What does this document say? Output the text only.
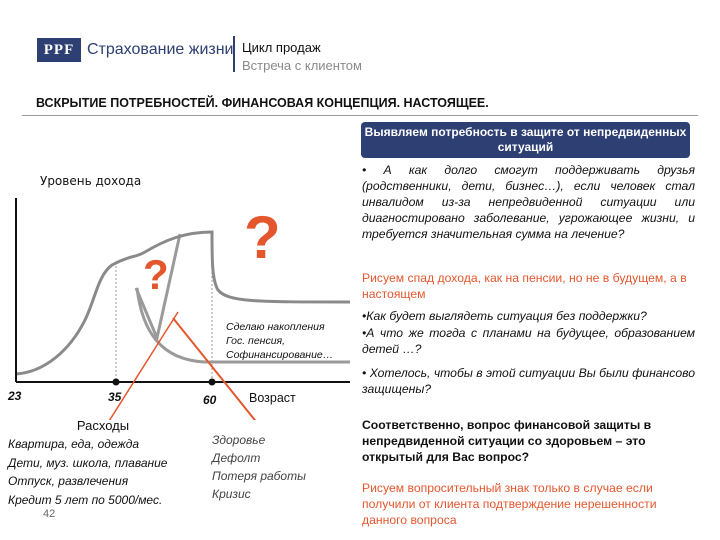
PPF Страхование жизни Цикл продаж
Встреча с клиентом
ВСКРЫТИЕ ПОТРЕБНОСТЕЙ. ФИНАНСОВАЯ КОНЦЕПЦИЯ. НАСТОЯЩЕЕ.
Выявляем потребность в защите от непредвиденных ситуаций
Уровень дохода
?
?
Сделаю накопления
Гос. пенсия,
Софинансирование…
23	35	60	Возраст
Расходы
Квартира, еда, одежда
Дети, муз. школа, плавание
Отпуск, развлечения
Кредит 5 лет по 5000/мес.
42
Здоровье
Дефолт
Потеря работы
Кризис
• А как долго смогут поддерживать друзья (родственники, дети, бизнес…), если человек стал инвалидом из-за непредвиденной ситуации или диагностировано заболевание, угрожающее жизни, и требуется значительная сумма на лечение?
Рисуем спад дохода, как на пенсии, но не в будущем, а в настоящем
•Как будет выглядеть ситуация без поддержки?
•А что же тогда с планами на будущее, образованием детей …?
• Хотелось, чтобы в этой ситуации Вы были финансово защищены?
Соответственно, вопрос финансовой защиты в непредвиденной ситуации со здоровьем – это открытый для Вас вопрос?
Рисуем вопросительный знак только в случае если получили от клиента подтверждение нерешенности данного вопроса
